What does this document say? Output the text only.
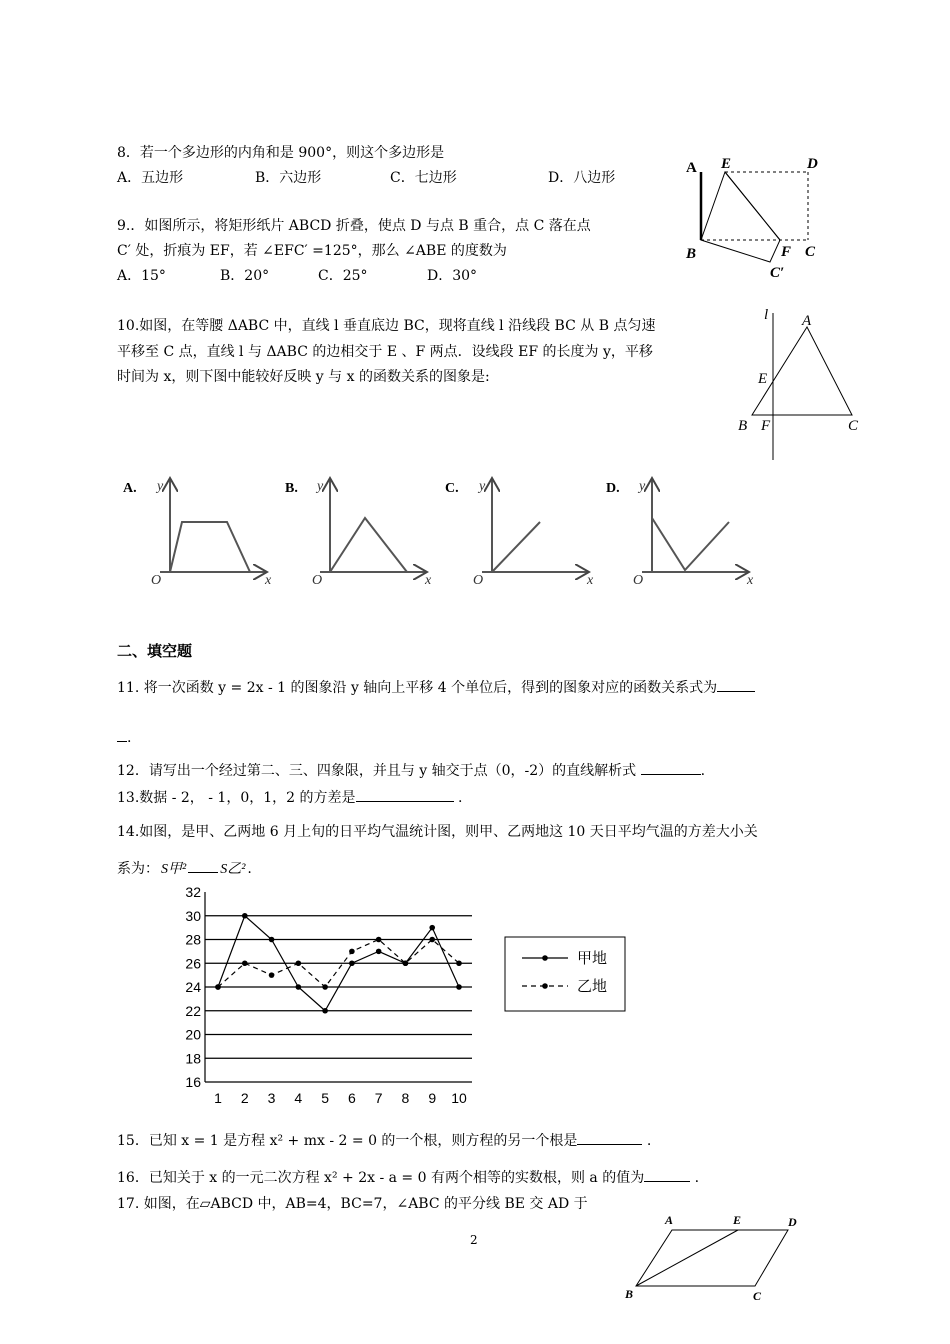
8．若一个多边形的内角和是 900°，则这个多边形是
A．五边形	B．六边形	C．七边形	D．八边形
A E	D
B	F C
C′
9.．如图所示，将矩形纸片 ABCD 折叠，使点 D 与点 B 重合，点 C 落在点
C′ 处，折痕为 EF，若 ∠EFC′ =125°，那么 ∠ABE 的度数为
A．15°	B．20°	C．25°	D．30°
10.如图，在等腰 ΔABC 中，直线 l 垂直底边 BC，现将直线 l 沿线段 BC 从 B 点匀速
平移至 C 点，直线 l 与 ΔABC 的边相交于 E 、F 两点．设线段 EF 的长度为 y，平移
时间为 x，则下图中能较好反映 y 与 x 的函数关系的图象是:
l A
E
B F	C
A.	B.	C.	D.
y
x
O
y
x
O
y
x
O
y
x
O
二、填空题
11. 将一次函数 y = 2x - 1 的图象沿 y 轴向上平移 4 个单位后，得到的图象对应的函数关系式为
.
12．请写出一个经过第二、三、四象限，并且与 y 轴交于点（0，-2）的直线解析式	.
13.数据 - 2， - 1，0，1，2 的方差是	.
14.如图，是甲、乙两地 6 月上旬的日平均气温统计图，则甲、乙两地这 10 天日平均气温的方差大小关
系为： S甲² S乙² .
16
18
20
22
24
26
28
30
32
1 2 3 4 5 6 7 8 9 10
甲地
乙地
15．已知 x = 1 是方程 x² + mx - 2 = 0 的一个根，则方程的另一个根是	.
16．已知关于 x 的一元二次方程 x² + 2x - a = 0 有两个相等的实数根，则 a 的值为	.
17. 如图，在▱ABCD 中，AB=4，BC=7，∠ABC 的平分线 BE 交 AD 于
2
A	E	D
B	C
